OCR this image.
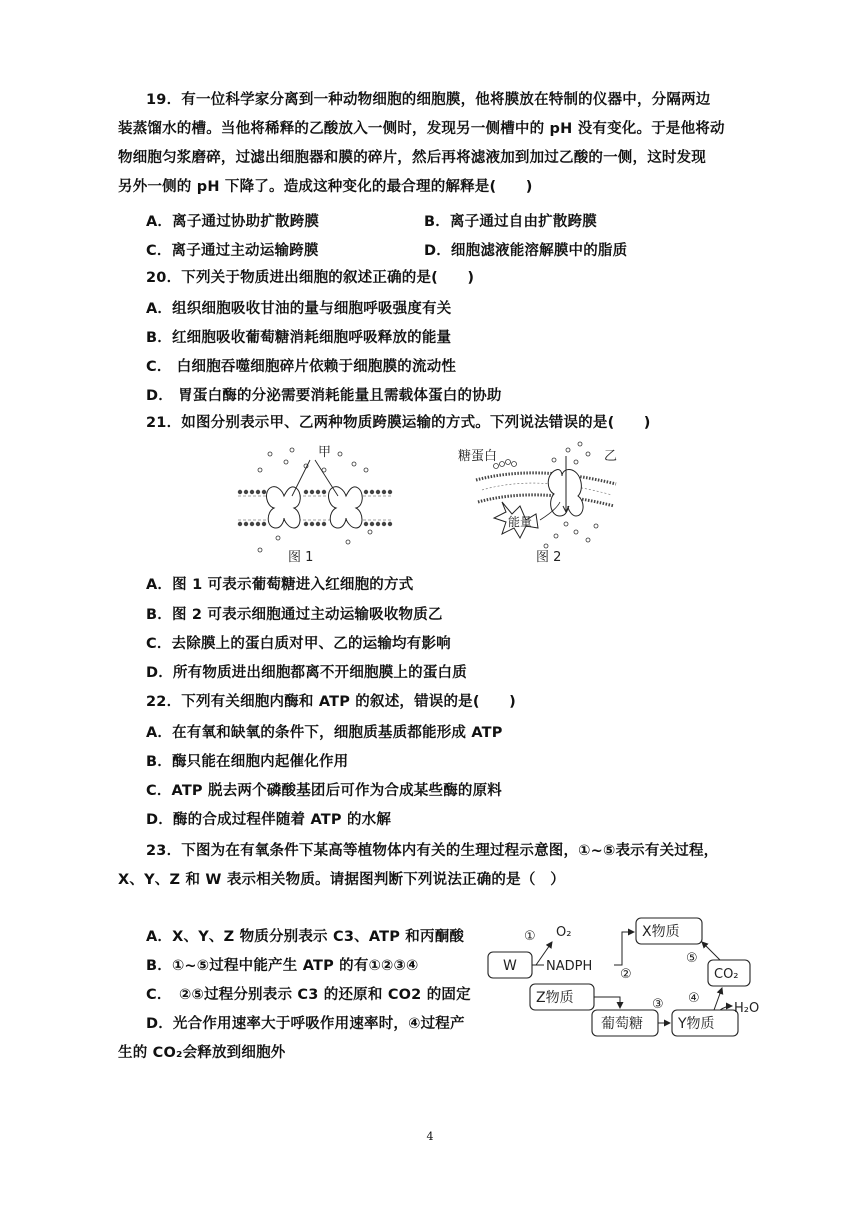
19．有一位科学家分离到一种动物细胞的细胞膜，他将膜放在特制的仪器中，分隔两边
装蒸馏水的槽。当他将稀释的乙酸放入一侧时，发现另一侧槽中的 pH 没有变化。于是他将动
物细胞匀浆磨碎，过滤出细胞器和膜的碎片，然后再将滤液加到加过乙酸的一侧，这时发现
另外一侧的 pH 下降了。造成这种变化的最合理的解释是(　　)
A．离子通过协助扩散跨膜	B．离子通过自由扩散跨膜
C．离子通过主动运输跨膜	D．细胞滤液能溶解膜中的脂质
20．下列关于物质进出细胞的叙述正确的是(　　)
A．组织细胞吸收甘油的量与细胞呼吸强度有关
B．红细胞吸收葡萄糖消耗细胞呼吸释放的能量
C． 白细胞吞噬细胞碎片依赖于细胞膜的流动性
D． 胃蛋白酶的分泌需要消耗能量且需载体蛋白的协助
21．如图分别表示甲、乙两种物质跨膜运输的方式。下列说法错误的是(　　)
甲
图 1
糖蛋白	乙
能量
图 2
A．图 1 可表示葡萄糖进入红细胞的方式
B．图 2 可表示细胞通过主动运输吸收物质乙
C．去除膜上的蛋白质对甲、乙的运输均有影响
D．所有物质进出细胞都离不开细胞膜上的蛋白质
22．下列有关细胞内酶和 ATP 的叙述，错误的是(　　)
A．在有氧和缺氧的条件下，细胞质基质都能形成 ATP
B．酶只能在细胞内起催化作用
C．ATP 脱去两个磷酸基团后可作为合成某些酶的原料
D．酶的合成过程伴随着 ATP 的水解
23．下图为在有氧条件下某高等植物体内有关的生理过程示意图，①~⑤表示有关过程，
X、Y、Z 和 W 表示相关物质。请据图判断下列说法正确的是（　）
A．X、Y、Z 物质分别表示 C3、ATP 和丙酮酸
B．①~⑤过程中能产生 ATP 的有①②③④
C．　②⑤过程分别表示 C3 的还原和 CO2 的固定
D．光合作用速率大于呼吸作用速率时，④过程产
生的 CO₂会释放到细胞外
W
X物质
CO₂
Z物质
葡萄糖	Y物质
O₂
NADPH
H₂O
①
②
③ ④
⑤
4
